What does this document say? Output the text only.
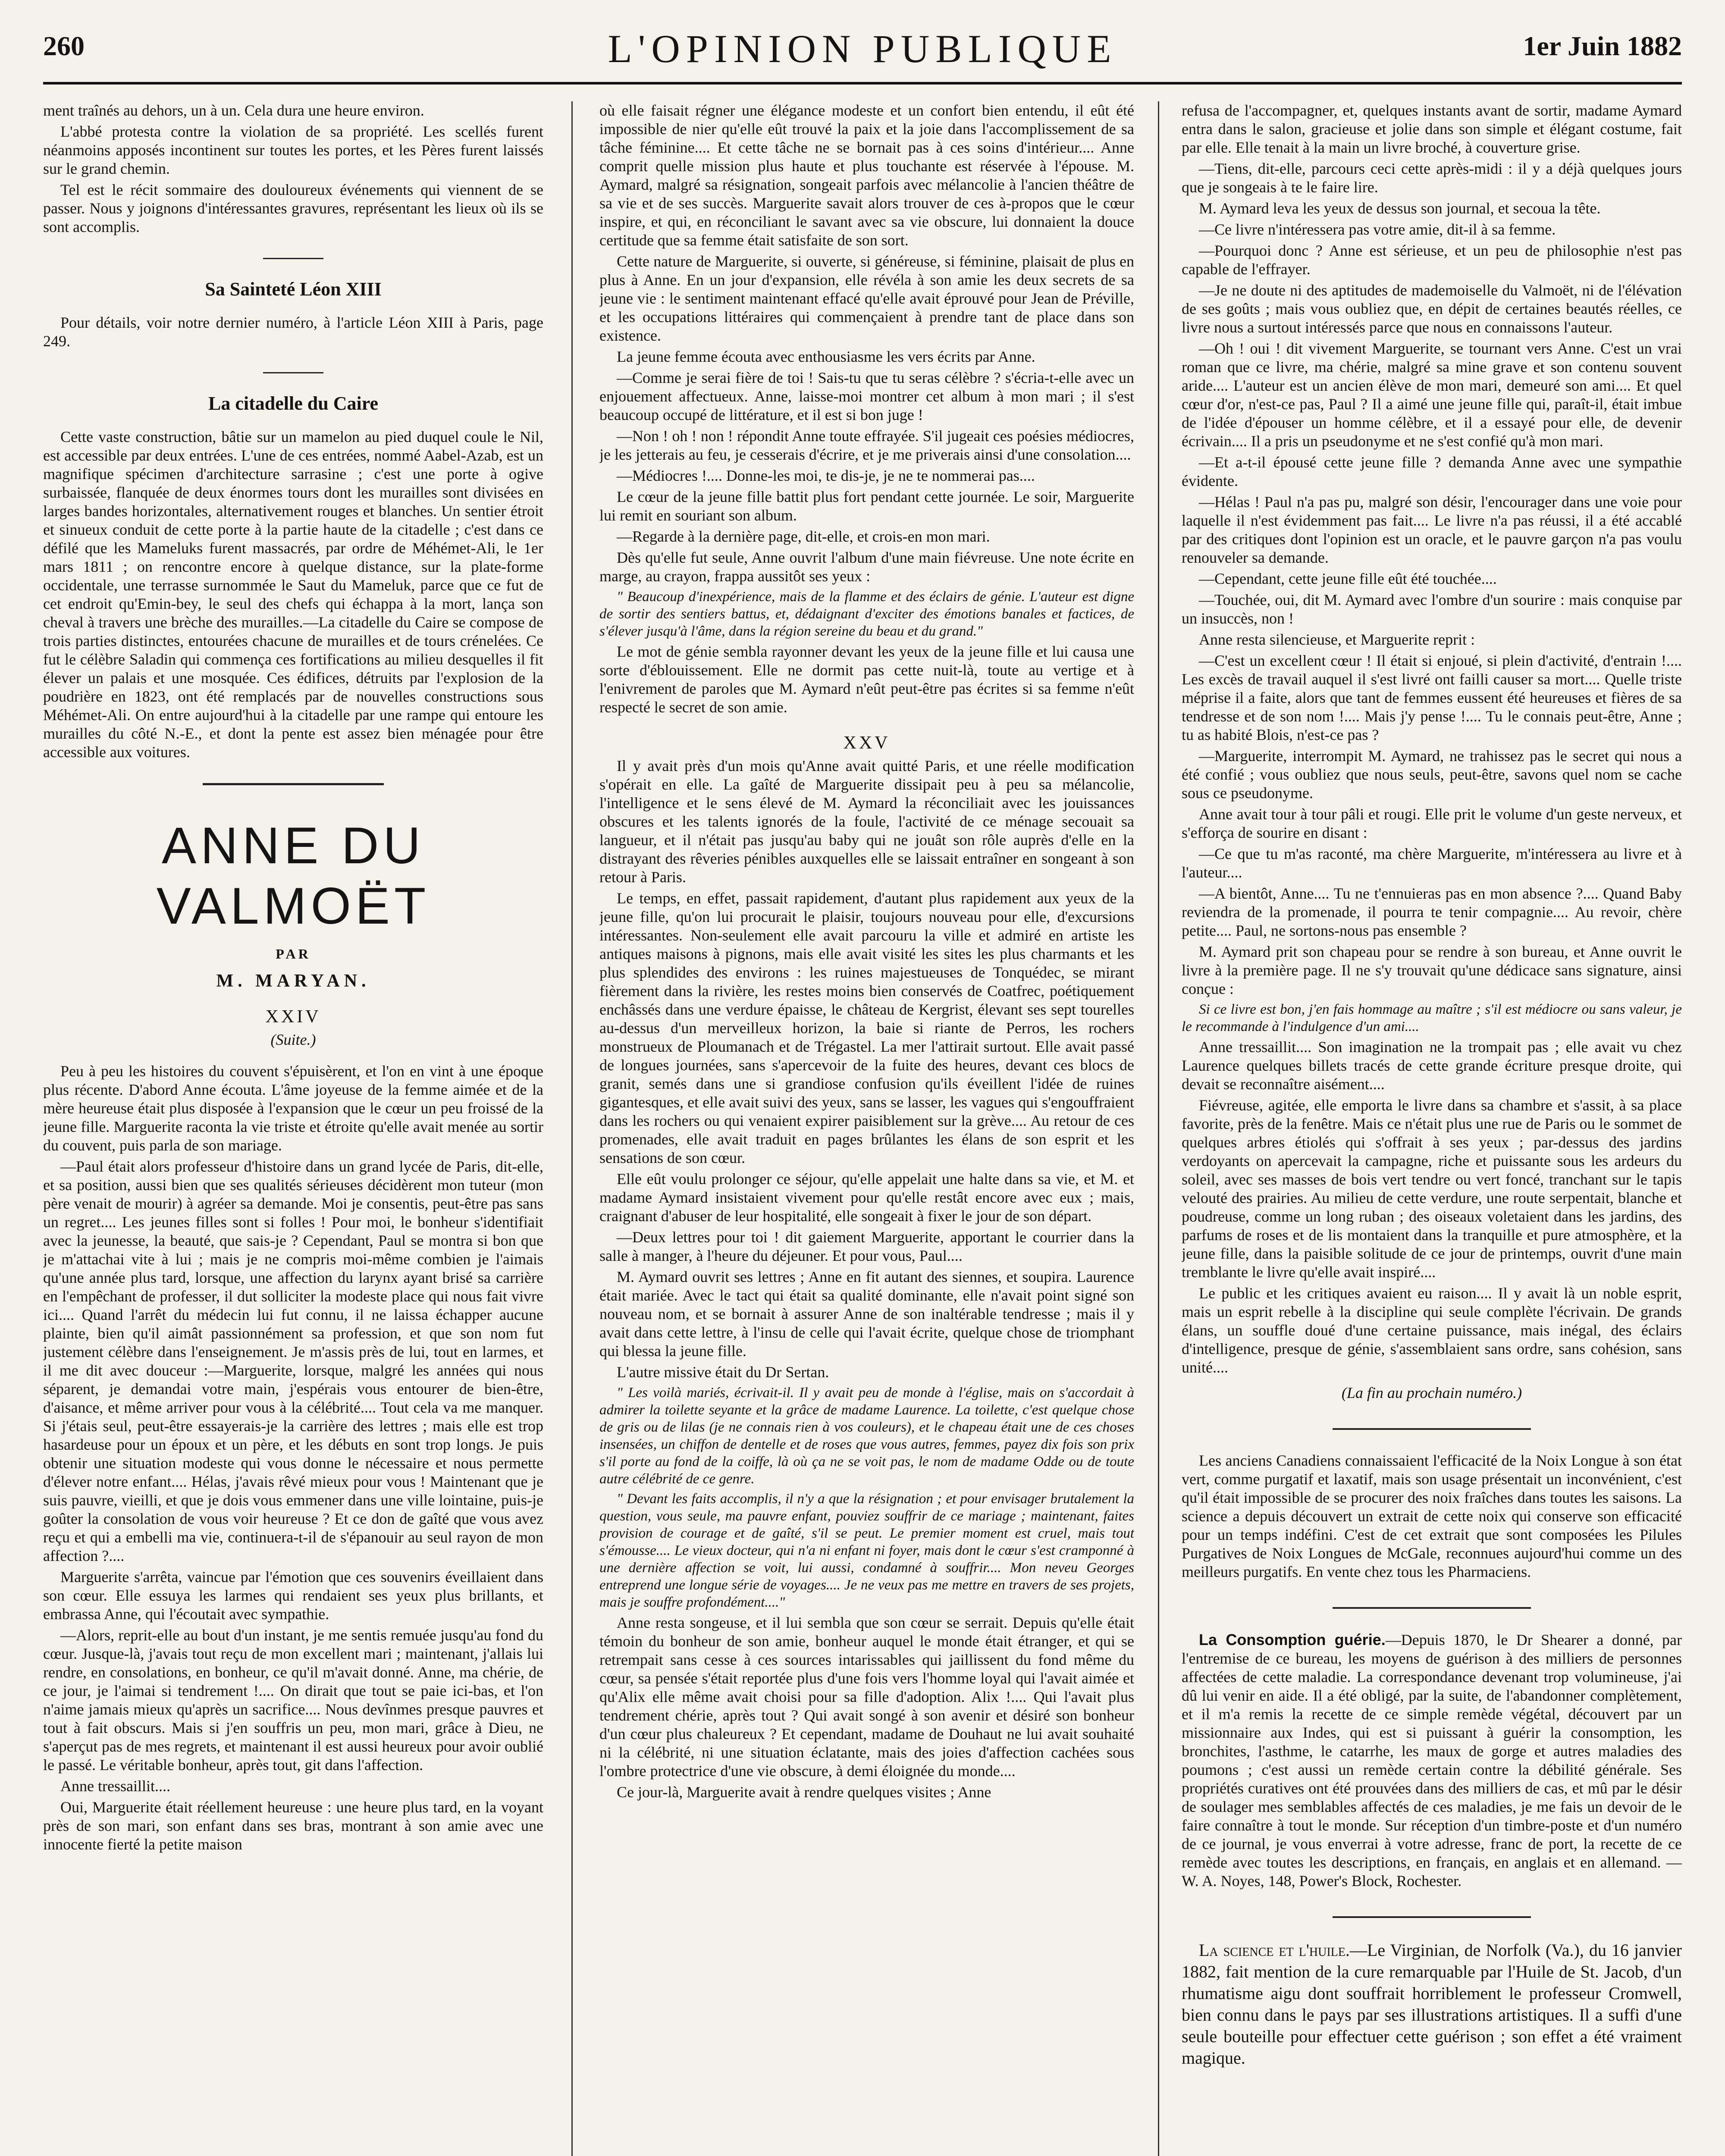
L'OPINION PUBLIQUE
260	1er Juin 1882

ment traînés au dehors, un à un. Cela dura une heure environ.

L'abbé protesta contre la violation de sa propriété. Les scellés furent néanmoins apposés incontinent sur toutes les portes, et les Pères furent laissés sur le grand chemin.

Tel est le récit sommaire des douloureux événements qui viennent de se passer. Nous y joignons d'intéressantes gravures, représentant les lieux où ils se sont accomplis.

Sa Sainteté Léon XIII

Pour détails, voir notre dernier numéro, à l'article Léon XIII à Paris, page 249.

La citadelle du Caire

Cette vaste construction, bâtie sur un mamelon au pied duquel coule le Nil, est accessible par deux entrées. L'une de ces entrées, nommé Aabel-Azab, est un magnifique spécimen d'architecture sarrasine ; c'est une porte à ogive surbaissée, flanquée de deux énormes tours dont les murailles sont divisées en larges bandes horizontales, alternativement rouges et blanches. Un sentier étroit et sinueux conduit de cette porte à la partie haute de la citadelle ; c'est dans ce défilé que les Mameluks furent massacrés, par ordre de Méhémet-Ali, le 1er mars 1811 ; on rencontre encore à quelque distance, sur la plate-forme occidentale, une terrasse surnommée le Saut du Mameluk, parce que ce fut de cet endroit qu'Emin-bey, le seul des chefs qui échappa à la mort, lança son cheval à travers une brèche des murailles.—La citadelle du Caire se compose de trois parties distinctes, entourées chacune de murailles et de tours crénelées. Ce fut le célèbre Saladin qui commença ces fortifications au milieu desquelles il fit élever un palais et une mosquée. Ces édifices, détruits par l'explosion de la poudrière en 1823, ont été remplacés par de nouvelles constructions sous Méhémet-Ali. On entre aujourd'hui à la citadelle par une rampe qui entoure les murailles du côté N.-E., et dont la pente est assez bien ménagée pour être accessible aux voitures.

ANNE DU VALMOËT
PAR
M. MARYAN.
XXIV
(Suite.)

Peu à peu les histoires du couvent s'épuisèrent, et l'on en vint à une époque plus récente. D'abord Anne écouta. L'âme joyeuse de la femme aimée et de la mère heureuse était plus disposée à l'expansion que le cœur un peu froissé de la jeune fille. Marguerite raconta la vie triste et étroite qu'elle avait menée au sortir du couvent, puis parla de son mariage.

—Paul était alors professeur d'histoire dans un grand lycée de Paris, dit-elle, et sa position, aussi bien que ses qualités sérieuses décidèrent mon tuteur (mon père venait de mourir) à agréer sa demande. Moi je consentis, peut-être pas sans un regret.... Les jeunes filles sont si folles ! Pour moi, le bonheur s'identifiait avec la jeunesse, la beauté, que sais-je ? Cependant, Paul se montra si bon que je m'attachai vite à lui ; mais je ne compris moi-même combien je l'aimais qu'une année plus tard, lorsque, une affection du larynx ayant brisé sa carrière en l'empêchant de professer, il dut solliciter la modeste place qui nous fait vivre ici.... Quand l'arrêt du médecin lui fut connu, il ne laissa échapper aucune plainte, bien qu'il aimât passionnément sa profession, et que son nom fut justement célèbre dans l'enseignement. Je m'assis près de lui, tout en larmes, et il me dit avec douceur :—Marguerite, lorsque, malgré les années qui nous séparent, je demandai votre main, j'espérais vous entourer de bien-être, d'aisance, et même arriver pour vous à la célébrité.... Tout cela va me manquer. Si j'étais seul, peut-être essayerais-je la carrière des lettres ; mais elle est trop hasardeuse pour un époux et un père, et les débuts en sont trop longs. Je puis obtenir une situation modeste qui vous donne le nécessaire et nous permette d'élever notre enfant.... Hélas, j'avais rêvé mieux pour vous ! Maintenant que je suis pauvre, vieilli, et que je dois vous emmener dans une ville lointaine, puis-je goûter la consolation de vous voir heureuse ? Et ce don de gaîté que vous avez reçu et qui a embelli ma vie, continuera-t-il de s'épanouir au seul rayon de mon affection ?....

Marguerite s'arrêta, vaincue par l'émotion que ces souvenirs éveillaient dans son cœur. Elle essuya les larmes qui rendaient ses yeux plus brillants, et embrassa Anne, qui l'écoutait avec sympathie.

—Alors, reprit-elle au bout d'un instant, je me sentis remuée jusqu'au fond du cœur. Jusque-là, j'avais tout reçu de mon excellent mari ; maintenant, j'allais lui rendre, en consolations, en bonheur, ce qu'il m'avait donné. Anne, ma chérie, de ce jour, je l'aimai si tendrement !.... On dirait que tout se paie ici-bas, et l'on n'aime jamais mieux qu'après un sacrifice.... Nous devînmes presque pauvres et tout à fait obscurs. Mais si j'en souffris un peu, mon mari, grâce à Dieu, ne s'aperçut pas de mes regrets, et maintenant il est aussi heureux pour avoir oublié le passé. Le véritable bonheur, après tout, git dans l'affection.

Anne tressaillit....

Oui, Marguerite était réellement heureuse : une heure plus tard, en la voyant près de son mari, son enfant dans ses bras, montrant à son amie avec une innocente fierté la petite maison

où elle faisait régner une élégance modeste et un confort bien entendu, il eût été impossible de nier qu'elle eût trouvé la paix et la joie dans l'accomplissement de sa tâche féminine.... Et cette tâche ne se bornait pas à ces soins d'intérieur.... Anne comprit quelle mission plus haute et plus touchante est réservée à l'épouse. M. Aymard, malgré sa résignation, songeait parfois avec mélancolie à l'ancien théâtre de sa vie et de ses succès. Marguerite savait alors trouver de ces à-propos que le cœur inspire, et qui, en réconciliant le savant avec sa vie obscure, lui donnaient la douce certitude que sa femme était satisfaite de son sort.

Cette nature de Marguerite, si ouverte, si généreuse, si féminine, plaisait de plus en plus à Anne. En un jour d'expansion, elle révéla à son amie les deux secrets de sa jeune vie : le sentiment maintenant effacé qu'elle avait éprouvé pour Jean de Préville, et les occupations littéraires qui commençaient à prendre tant de place dans son existence.

La jeune femme écouta avec enthousiasme les vers écrits par Anne.

—Comme je serai fière de toi ! Sais-tu que tu seras célèbre ? s'écria-t-elle avec un enjouement affectueux. Anne, laisse-moi montrer cet album à mon mari ; il s'est beaucoup occupé de littérature, et il est si bon juge !

—Non ! oh ! non ! répondit Anne toute effrayée. S'il jugeait ces poésies médiocres, je les jetterais au feu, je cesserais d'écrire, et je me priverais ainsi d'une consolation....

—Médiocres !.... Donne-les moi, te dis-je, je ne te nommerai pas....

Le cœur de la jeune fille battit plus fort pendant cette journée. Le soir, Marguerite lui remit en souriant son album.

—Regarde à la dernière page, dit-elle, et crois-en mon mari.

Dès qu'elle fut seule, Anne ouvrit l'album d'une main fiévreuse. Une note écrite en marge, au crayon, frappa aussitôt ses yeux :

" Beaucoup d'inexpérience, mais de la flamme et des éclairs de génie. L'auteur est digne de sortir des sentiers battus, et, dédaignant d'exciter des émotions banales et factices, de s'élever jusqu'à l'âme, dans la région sereine du beau et du grand."

Le mot de génie sembla rayonner devant les yeux de la jeune fille et lui causa une sorte d'éblouissement. Elle ne dormit pas cette nuit-là, toute au vertige et à l'enivrement de paroles que M. Aymard n'eût peut-être pas écrites si sa femme n'eût respecté le secret de son amie.

XXV

Il y avait près d'un mois qu'Anne avait quitté Paris, et une réelle modification s'opérait en elle. La gaîté de Marguerite dissipait peu à peu sa mélancolie, l'intelligence et le sens élevé de M. Aymard la réconciliait avec les jouissances obscures et les talents ignorés de la foule, l'activité de ce ménage secouait sa langueur, et il n'était pas jusqu'au baby qui ne jouât son rôle auprès d'elle en la distrayant des rêveries pénibles auxquelles elle se laissait entraîner en songeant à son retour à Paris.

Le temps, en effet, passait rapidement, d'autant plus rapidement aux yeux de la jeune fille, qu'on lui procurait le plaisir, toujours nouveau pour elle, d'excursions intéressantes. Non-seulement elle avait parcouru la ville et admiré en artiste les antiques maisons à pignons, mais elle avait visité les sites les plus charmants et les plus splendides des environs : les ruines majestueuses de Tonquédec, se mirant fièrement dans la rivière, les restes moins bien conservés de Coatfrec, poétiquement enchâssés dans une verdure épaisse, le château de Kergrist, élevant ses sept tourelles au-dessus d'un merveilleux horizon, la baie si riante de Perros, les rochers monstrueux de Ploumanach et de Trégastel. La mer l'attirait surtout. Elle avait passé de longues journées, sans s'apercevoir de la fuite des heures, devant ces blocs de granit, semés dans une si grandiose confusion qu'ils éveillent l'idée de ruines gigantesques, et elle avait suivi des yeux, sans se lasser, les vagues qui s'engouffraient dans les rochers ou qui venaient expirer paisiblement sur la grève.... Au retour de ces promenades, elle avait traduit en pages brûlantes les élans de son esprit et les sensations de son cœur.

Elle eût voulu prolonger ce séjour, qu'elle appelait une halte dans sa vie, et M. et madame Aymard insistaient vivement pour qu'elle restât encore avec eux ; mais, craignant d'abuser de leur hospitalité, elle songeait à fixer le jour de son départ.

—Deux lettres pour toi ! dit gaiement Marguerite, apportant le courrier dans la salle à manger, à l'heure du déjeuner. Et pour vous, Paul....

M. Aymard ouvrit ses lettres ; Anne en fit autant des siennes, et soupira. Laurence était mariée. Avec le tact qui était sa qualité dominante, elle n'avait point signé son nouveau nom, et se bornait à assurer Anne de son inaltérable tendresse ; mais il y avait dans cette lettre, à l'insu de celle qui l'avait écrite, quelque chose de triomphant qui blessa la jeune fille.

L'autre missive était du Dr Sertan.

" Les voilà mariés, écrivait-il. Il y avait peu de monde à l'église, mais on s'accordait à admirer la toilette seyante et la grâce de madame Laurence. La toilette, c'est quelque chose de gris ou de lilas (je ne connais rien à vos couleurs), et le chapeau était une de ces choses insensées, un chiffon de dentelle et de roses que vous autres, femmes, payez dix fois son prix s'il porte au fond de la coiffe, là où ça ne se voit pas, le nom de madame Odde ou de toute autre célébrité de ce genre.

" Devant les faits accomplis, il n'y a que la résignation ; et pour envisager brutalement la question, vous seule, ma pauvre enfant, pouviez souffrir de ce mariage ; maintenant, faites provision de courage et de gaîté, s'il se peut. Le premier moment est cruel, mais tout s'émousse.... Le vieux docteur, qui n'a ni enfant ni foyer, mais dont le cœur s'est cramponné à une dernière affection se voit, lui aussi, condamné à souffrir.... Mon neveu Georges entreprend une longue série de voyages.... Je ne veux pas me mettre en travers de ses projets, mais je souffre profondément...."

Anne resta songeuse, et il lui sembla que son cœur se serrait. Depuis qu'elle était témoin du bonheur de son amie, bonheur auquel le monde était étranger, et qui se retrempait sans cesse à ces sources intarissables qui jaillissent du fond même du cœur, sa pensée s'était reportée plus d'une fois vers l'homme loyal qui l'avait aimée et qu'Alix elle même avait choisi pour sa fille d'adoption. Alix !.... Qui l'avait plus tendrement chérie, après tout ? Qui avait songé à son avenir et désiré son bonheur d'un cœur plus chaleureux ? Et cependant, madame de Douhaut ne lui avait souhaité ni la célébrité, ni une situation éclatante, mais des joies d'affection cachées sous l'ombre protectrice d'une vie obscure, à demi éloignée du monde....

Ce jour-là, Marguerite avait à rendre quelques visites ; Anne

refusa de l'accompagner, et, quelques instants avant de sortir, madame Aymard entra dans le salon, gracieuse et jolie dans son simple et élégant costume, fait par elle. Elle tenait à la main un livre broché, à couverture grise.

—Tiens, dit-elle, parcours ceci cette après-midi : il y a déjà quelques jours que je songeais à te le faire lire.

M. Aymard leva les yeux de dessus son journal, et secoua la tête.

—Ce livre n'intéressera pas votre amie, dit-il à sa femme.

—Pourquoi donc ? Anne est sérieuse, et un peu de philosophie n'est pas capable de l'effrayer.

—Je ne doute ni des aptitudes de mademoiselle du Valmoët, ni de l'élévation de ses goûts ; mais vous oubliez que, en dépit de certaines beautés réelles, ce livre nous a surtout intéressés parce que nous en connaissons l'auteur.

—Oh ! oui ! dit vivement Marguerite, se tournant vers Anne. C'est un vrai roman que ce livre, ma chérie, malgré sa mine grave et son contenu souvent aride.... L'auteur est un ancien élève de mon mari, demeuré son ami.... Et quel cœur d'or, n'est-ce pas, Paul ? Il a aimé une jeune fille qui, paraît-il, était imbue de l'idée d'épouser un homme célèbre, et il a essayé pour elle, de devenir écrivain.... Il a pris un pseudonyme et ne s'est confié qu'à mon mari.

—Et a-t-il épousé cette jeune fille ? demanda Anne avec une sympathie évidente.

—Hélas ! Paul n'a pas pu, malgré son désir, l'encourager dans une voie pour laquelle il n'est évidemment pas fait.... Le livre n'a pas réussi, il a été accablé par des critiques dont l'opinion est un oracle, et le pauvre garçon n'a pas voulu renouveler sa demande.

—Cependant, cette jeune fille eût été touchée....

—Touchée, oui, dit M. Aymard avec l'ombre d'un sourire : mais conquise par un insuccès, non !

Anne resta silencieuse, et Marguerite reprit :

—C'est un excellent cœur ! Il était si enjoué, si plein d'activité, d'entrain !.... Les excès de travail auquel il s'est livré ont failli causer sa mort.... Quelle triste méprise il a faite, alors que tant de femmes eussent été heureuses et fières de sa tendresse et de son nom !.... Mais j'y pense !.... Tu le connais peut-être, Anne ; tu as habité Blois, n'est-ce pas ?

—Marguerite, interrompit M. Aymard, ne trahissez pas le secret qui nous a été confié ; vous oubliez que nous seuls, peut-être, savons quel nom se cache sous ce pseudonyme.

Anne avait tour à tour pâli et rougi. Elle prit le volume d'un geste nerveux, et s'efforça de sourire en disant :

—Ce que tu m'as raconté, ma chère Marguerite, m'intéressera au livre et à l'auteur....

—A bientôt, Anne.... Tu ne t'ennuieras pas en mon absence ?.... Quand Baby reviendra de la promenade, il pourra te tenir compagnie.... Au revoir, chère petite.... Paul, ne sortons-nous pas ensemble ?

M. Aymard prit son chapeau pour se rendre à son bureau, et Anne ouvrit le livre à la première page. Il ne s'y trouvait qu'une dédicace sans signature, ainsi conçue :

Si ce livre est bon, j'en fais hommage au maître ; s'il est médiocre ou sans valeur, je le recommande à l'indulgence d'un ami....

Anne tressaillit.... Son imagination ne la trompait pas ; elle avait vu chez Laurence quelques billets tracés de cette grande écriture presque droite, qui devait se reconnaître aisément....

Fiévreuse, agitée, elle emporta le livre dans sa chambre et s'assit, à sa place favorite, près de la fenêtre. Mais ce n'était plus une rue de Paris ou le sommet de quelques arbres étiolés qui s'offrait à ses yeux ; par-dessus des jardins verdoyants on apercevait la campagne, riche et puissante sous les ardeurs du soleil, avec ses masses de bois vert tendre ou vert foncé, tranchant sur le tapis velouté des prairies. Au milieu de cette verdure, une route serpentait, blanche et poudreuse, comme un long ruban ; des oiseaux voletaient dans les jardins, des parfums de roses et de lis montaient dans la tranquille et pure atmosphère, et la jeune fille, dans la paisible solitude de ce jour de printemps, ouvrit d'une main tremblante le livre qu'elle avait inspiré....

Le public et les critiques avaient eu raison.... Il y avait là un noble esprit, mais un esprit rebelle à la discipline qui seule complète l'écrivain. De grands élans, un souffle doué d'une certaine puissance, mais inégal, des éclairs d'intelligence, presque de génie, s'assemblaient sans ordre, sans cohésion, sans unité....

(La fin au prochain numéro.)

Les anciens Canadiens connaissaient l'efficacité de la Noix Longue à son état vert, comme purgatif et laxatif, mais son usage présentait un inconvénient, c'est qu'il était impossible de se procurer des noix fraîches dans toutes les saisons. La science a depuis découvert un extrait de cette noix qui conserve son efficacité pour un temps indéfini. C'est de cet extrait que sont composées les Pilules Purgatives de Noix Longues de McGale, reconnues aujourd'hui comme un des meilleurs purgatifs. En vente chez tous les Pharmaciens.

La Consomption guérie.—Depuis 1870, le Dr Shearer a donné, par l'entremise de ce bureau, les moyens de guérison à des milliers de personnes affectées de cette maladie. La correspondance devenant trop volumineuse, j'ai dû lui venir en aide. Il a été obligé, par la suite, de l'abandonner complètement, et il m'a remis la recette de ce simple remède végétal, découvert par un missionnaire aux Indes, qui est si puissant à guérir la consomption, les bronchites, l'asthme, le catarrhe, les maux de gorge et autres maladies des poumons ; c'est aussi un remède certain contre la débilité générale. Ses propriétés curatives ont été prouvées dans des milliers de cas, et mû par le désir de soulager mes semblables affectés de ces maladies, je me fais un devoir de le faire connaître à tout le monde. Sur réception d'un timbre-poste et d'un numéro de ce journal, je vous enverrai à votre adresse, franc de port, la recette de ce remède avec toutes les descriptions, en français, en anglais et en allemand. — W. A. Noyes, 148, Power's Block, Rochester.

La science et l'huile.—Le Virginian, de Norfolk (Va.), du 16 janvier 1882, fait mention de la cure remarquable par l'Huile de St. Jacob, d'un rhumatisme aigu dont souffrait horriblement le professeur Cromwell, bien connu dans le pays par ses illustrations artistiques. Il a suffi d'une seule bouteille pour effectuer cette guérison ; son effet a été vraiment magique.
